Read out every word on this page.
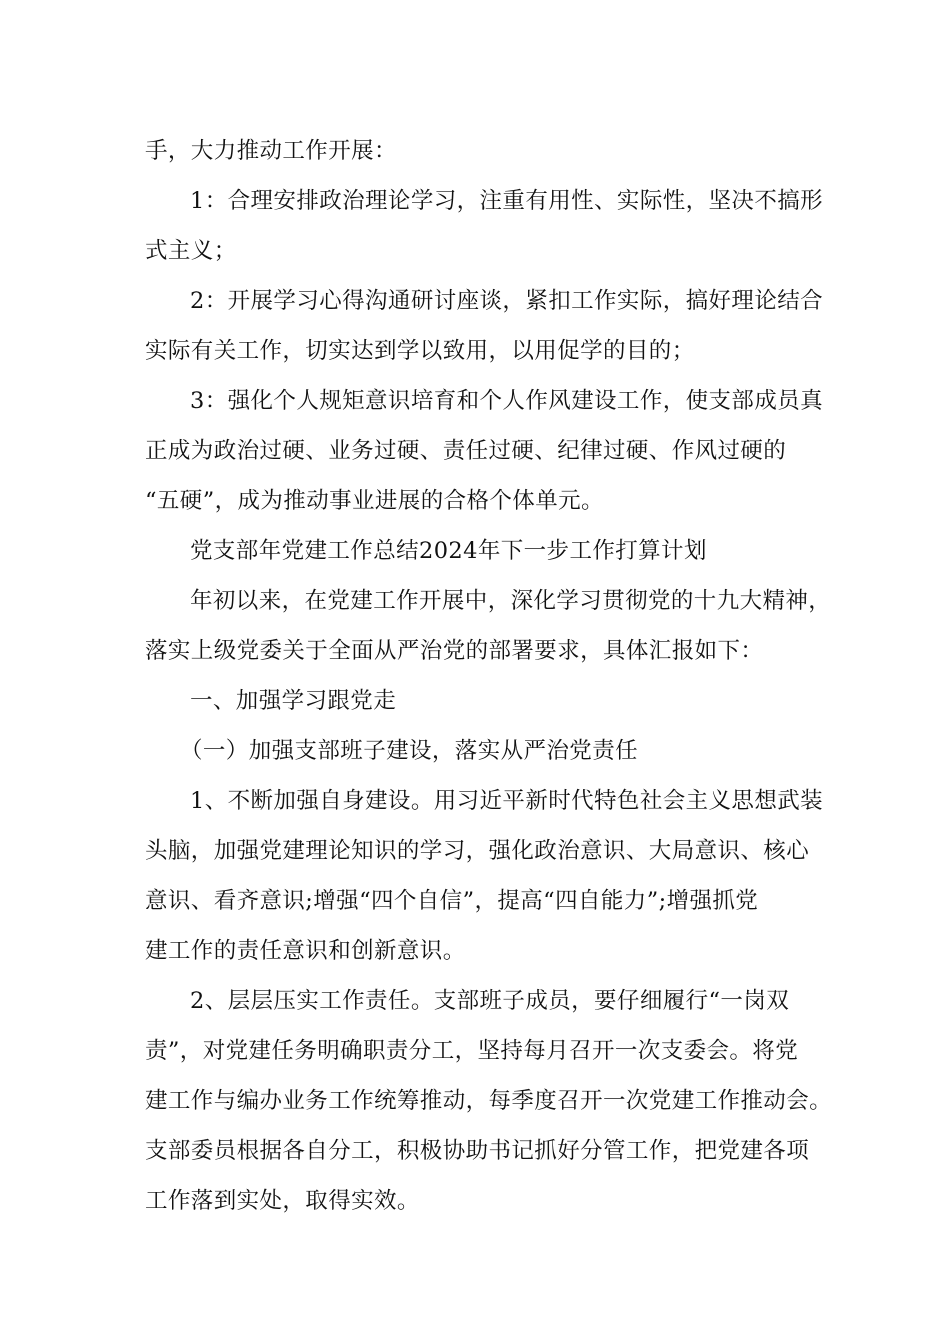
手，大力推动工作开展：
1：合理安排政治理论学习，注重有用性、实际性，坚决不搞形
式主义；
2：开展学习心得沟通研讨座谈，紧扣工作实际，搞好理论结合
实际有关工作，切实达到学以致用，以用促学的目的；
3：强化个人规矩意识培育和个人作风建设工作，使支部成员真
正成为政治过硬、业务过硬、责任过硬、纪律过硬、作风过硬的
“五硬”，成为推动事业进展的合格个体单元。
党支部年党建工作总结2024年下一步工作打算计划
年初以来，在党建工作开展中，深化学习贯彻党的十九大精神，
落实上级党委关于全面从严治党的部署要求，具体汇报如下：
一、加强学习跟党走
（一）加强支部班子建设，落实从严治党责任
1、不断加强自身建设。用习近平新时代特色社会主义思想武装
头脑，加强党建理论知识的学习，强化政治意识、大局意识、核心
意识、看齐意识;增强“四个自信”，提高“四自能力”;增强抓党
建工作的责任意识和创新意识。
2、层层压实工作责任。支部班子成员，要仔细履行“一岗双
责”，对党建任务明确职责分工，坚持每月召开一次支委会。将党
建工作与编办业务工作统筹推动，每季度召开一次党建工作推动会。
支部委员根据各自分工，积极协助书记抓好分管工作，把党建各项
工作落到实处，取得实效。
